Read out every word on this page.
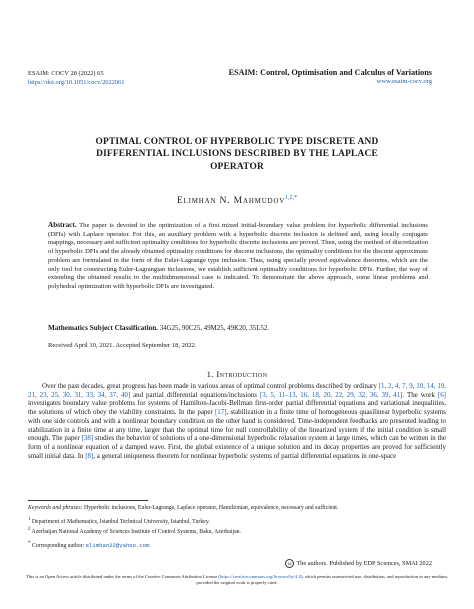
ESAIM: COCV 28 (2022) 65
https://doi.org/10.1051/cocv/2022061
ESAIM: Control, Optimisation and Calculus of Variations
www.esaim-cocv.org
OPTIMAL CONTROL OF HYPERBOLIC TYPE DISCRETE AND DIFFERENTIAL INCLUSIONS DESCRIBED BY THE LAPLACE OPERATOR
Elimhan N. Mahmudov$^{1,2,*}$
Abstract. The paper is devoted to the optimization of a first mixed initial-boundary value problem for hyperbolic differential inclusions (DFIs) with Laplace operator. For this, an auxiliary problem with a hyperbolic discrete inclusion is defined and, using locally conjugate mappings, necessary and sufficient optimality conditions for hyperbolic discrete inclusions are proved. Then, using the method of discretization of hyperbolic DFIs and the already obtained optimality conditions for discrete inclusions, the optimality conditions for the discrete approximate problem are formulated in the form of the Euler-Lagrange type inclusion. Thus, using specially proved equivalence theorems, which are the only tool for constructing Euler-Lagrangian inclusions, we establish sufficient optimality conditions for hyperbolic DFIs. Further, the way of extending the obtained results to the multidimensional case is indicated. To demonstrate the above approach, some linear problems and polyhedral optimization with hyperbolic DFIs are investigated.
Mathematics Subject Classification. 34G25, 90C25, 49M25, 49K20, 35L52.
Received April 10, 2021. Accepted September 18, 2022.
1. Introduction
Over the past decades, great progress has been made in various areas of optimal control problems described by ordinary [1, 2, 4, 7, 9, 10, 14, 19, 21, 23, 25, 30, 31, 33, 34, 37, 40] and partial differential equations/inclusions [3, 5, 11–13, 16, 18, 20, 22, 29, 32, 36, 39, 41]. The work [6] investigates boundary value problems for systems of Hamilton-Jacobi-Bellman first-order partial differential equations and variational inequalities, the solutions of which obey the viability constraints. In the paper [17], stabilization in a finite time of homogeneous quasilinear hyperbolic systems with one side controls and with a nonlinear boundary condition on the other hand is considered. Time-independent feedbacks are presented leading to stabilization in a finite time at any time, larger than the optimal time for null controllability of the linearized system if the initial condition is small enough. The paper [38] studies the behavior of solutions of a one-dimensional hyperbolic relaxation system at large times, which can be written in the form of a nonlinear equation of a damped wave. First, the global existence of a unique solution and its decay properties are proved for sufficiently small initial data. In [8], a general uniqueness theorem for nonlinear hyperbolic systems of partial differential equations in one-space

Keywords and phrases: Hyperbolic inclusions, Euler-Lagrange, Laplace operator, Hamiltonian, equivalence, necessary and sufficient.

$^1$ Department of Mathematics, Istanbul Technical University, Istanbul, Turkey.

$^2$ Azerbaijan National Academy of Sciences Institute of Control Systems, Baku, Azerbaijan.

* Corresponding author: elimhan22@yahoo.com

cc The authors. Published by EDP Sciences, SMAI 2022
This is an Open Access article distributed under the terms of the Creative Commons Attribution License (https://creativecommons.org/licenses/by/4.0), which permits unrestricted use, distribution, and reproduction in any medium, provided the original work is properly cited.
